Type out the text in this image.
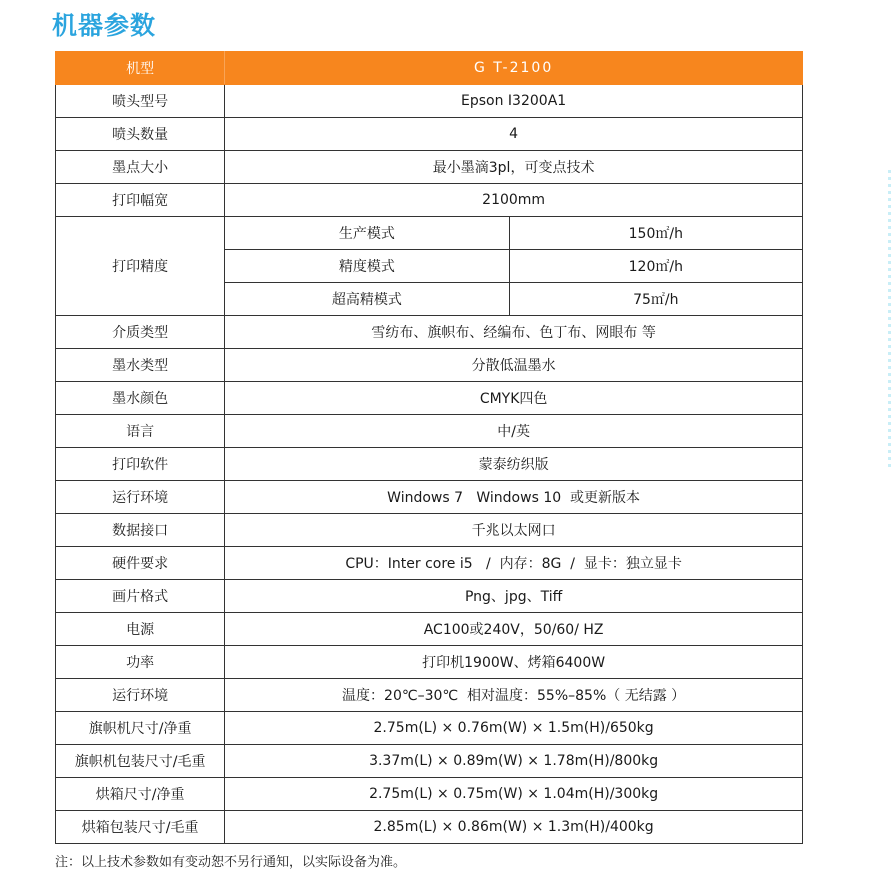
机器参数
机型	G T-2100	
喷头型号	Epson I3200A1	
喷头数量	4	
墨点大小	最小墨滴3pl，可变点技术	
打印幅宽	2100mm	
打印精度	生产模式	150㎡/h
	精度模式	120㎡/h
	超高精模式	75㎡/h
介质类型	雪纺布、旗帜布、经编布、色丁布、网眼布 等	
墨水类型	分散低温墨水	
墨水颜色	CMYK四色	
语言	中/英	
打印软件	蒙泰纺织版	
运行环境	Windows 7   Windows 10  或更新版本	
数据接口	千兆以太网口	
硬件要求	CPU：Inter core i5   /  内存：8G  /  显卡：独立显卡	
画片格式	Png、jpg、Tiff	
电源	AC100或240V，50/60/ HZ	
功率	打印机1900W、烤箱6400W	
运行环境	温度：20℃–30℃  相对温度：55%–85%（ 无结露 ）	
旗帜机尺寸/净重	2.75m(L) × 0.76m(W) × 1.5m(H)/650kg	
旗帜机包装尺寸/毛重	3.37m(L) × 0.89m(W) × 1.78m(H)/800kg	
烘箱尺寸/净重	2.75m(L) × 0.75m(W) × 1.04m(H)/300kg	
烘箱包装尺寸/毛重	2.85m(L) × 0.86m(W) × 1.3m(H)/400kg	
注：以上技术参数如有变动恕不另行通知，以实际设备为准。
